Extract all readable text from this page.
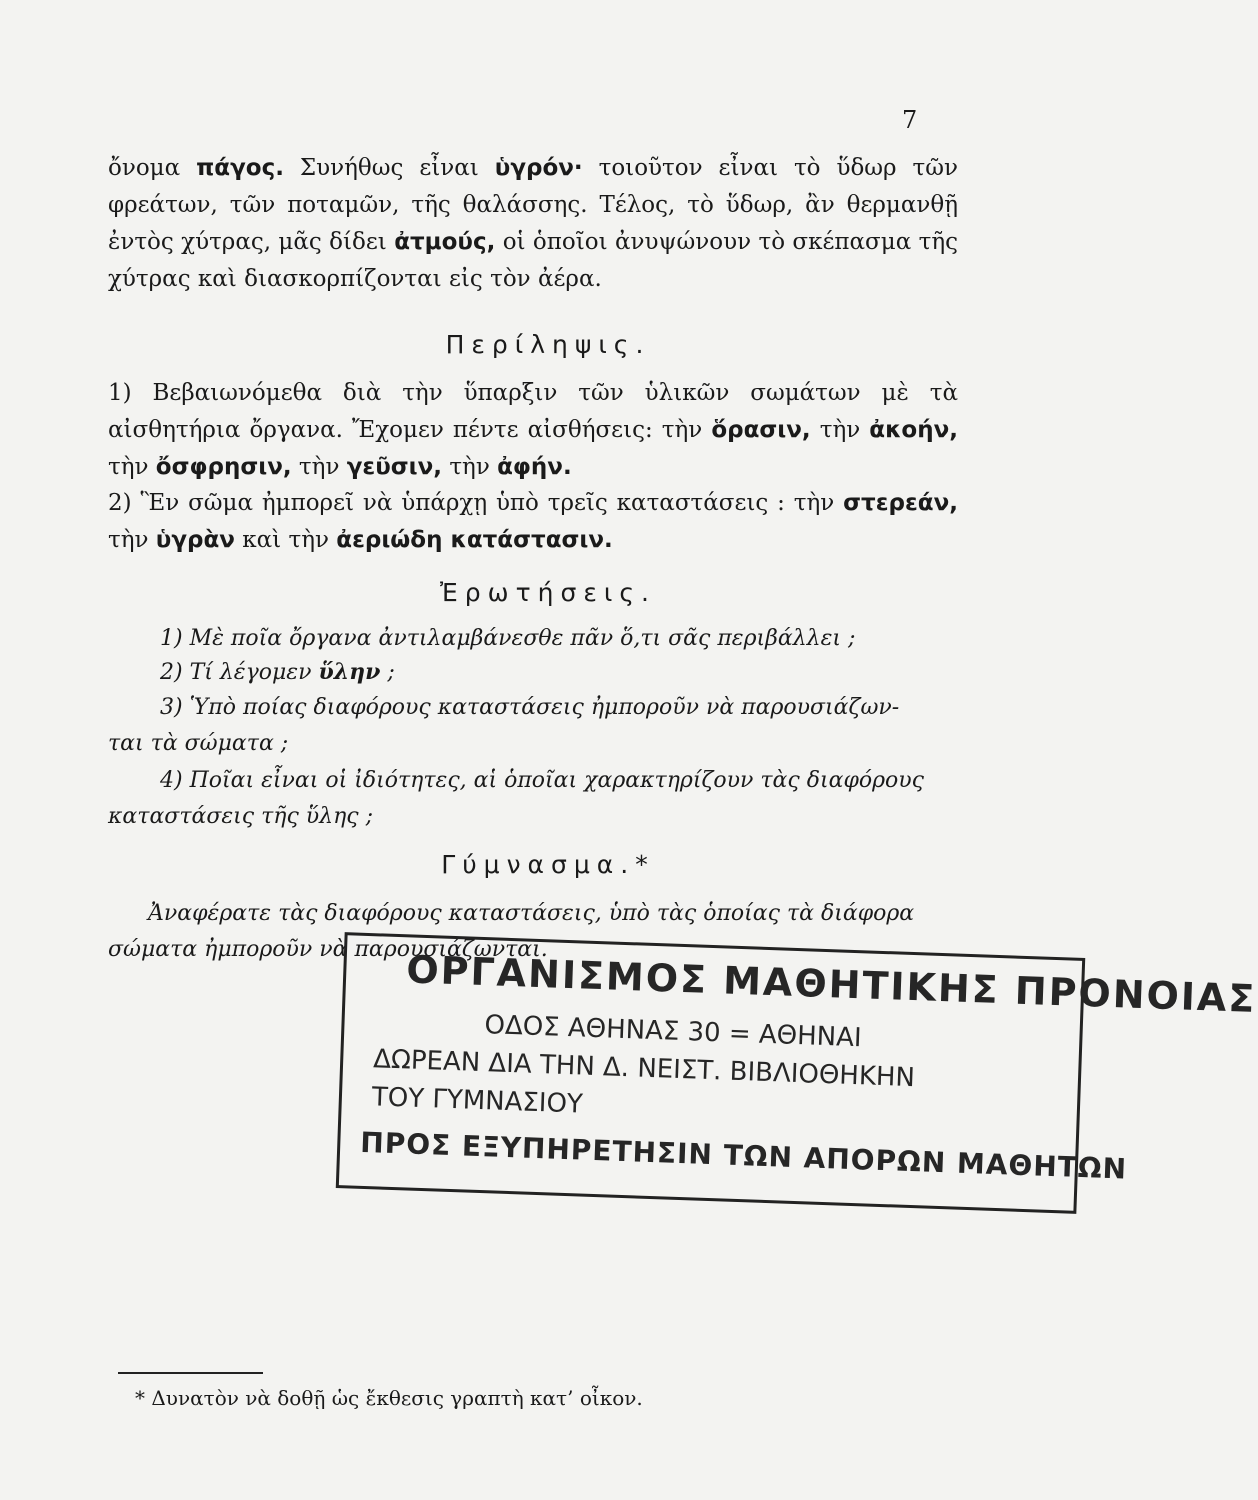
7

ὄνομα πάγος. Συνήθως εἶναι ὑγρόν· τοιοῦτον εἶναι τὸ ὕδωρ τῶν φρεάτων, τῶν ποταμῶν, τῆς θαλάσσης. Τέλος, τὸ ὕδωρ, ἂν θερμανθῇ ἐντὸς χύτρας, μᾶς δίδει ἀτμούς, οἱ ὁποῖοι ἀνυψώνουν τὸ σκέπασμα τῆς χύτρας καὶ διασκορπίζονται εἰς τὸν ἀέρα.

Περίληψις.

1) Βεβαιωνόμεθα διὰ τὴν ὕπαρξιν τῶν ὑλικῶν σωμάτων μὲ τὰ αἰσθητήρια ὄργανα. Ἔχομεν πέντε αἰσθήσεις: τὴν ὅρασιν, τὴν ἀκοήν, τὴν ὄσφρησιν, τὴν γεῦσιν, τὴν ἀφήν.

2) Ἓν σῶμα ἠμπορεῖ νὰ ὑπάρχῃ ὑπὸ τρεῖς καταστάσεις : τὴν στερεάν, τὴν ὑγρὰν καὶ τὴν ἀεριώδη κατάστασιν.

Ἐρωτήσεις.
1) Μὲ ποῖα ὄργανα ἀντιλαμβάνεσθε πᾶν ὅ,τι σᾶς περιβάλλει ;
2) Τί λέγομεν ὕλην ;
3) Ὑπὸ ποίας διαφόρους καταστάσεις ἠμποροῦν νὰ παρουσιάζων-
ται τὰ σώματα ;
4) Ποῖαι εἶναι οἱ ἰδιότητες, αἱ ὁποῖαι χαρακτηρίζουν τὰς διαφόρους
καταστάσεις τῆς ὕλης ;
Γύμνασμα.*
Ἀναφέρατε τὰς διαφόρους καταστάσεις, ὑπὸ τὰς ὁποίας τὰ διάφορα
σώματα ἠμποροῦν νὰ παρουσιάζωνται.
ΟΡΓΑΝΙΣΜΟΣ ΜΑΘΗΤΙΚΗΣ ΠΡΟΝΟΙΑΣ
ΟΔΟΣ ΑΘΗΝΑΣ 30 = ΑΘΗΝΑΙ
ΔΩΡΕΑΝ ΔΙΑ ΤΗΝ Δ. ΝΕΙΣΤ. ΒΙΒΛΙΟΘΗΚΗΝ
ΤΟΥ ΓΥΜΝΑΣΙΟΥ
ΠΡΟΣ ΕΞΥΠΗΡΕΤΗΣΙΝ ΤΩΝ ΑΠΟΡΩΝ ΜΑΘΗΤΩΝ
* Δυνατὸν νὰ δοθῇ ὡς ἔκθεσις γραπτὴ κατ’ οἶκον.
